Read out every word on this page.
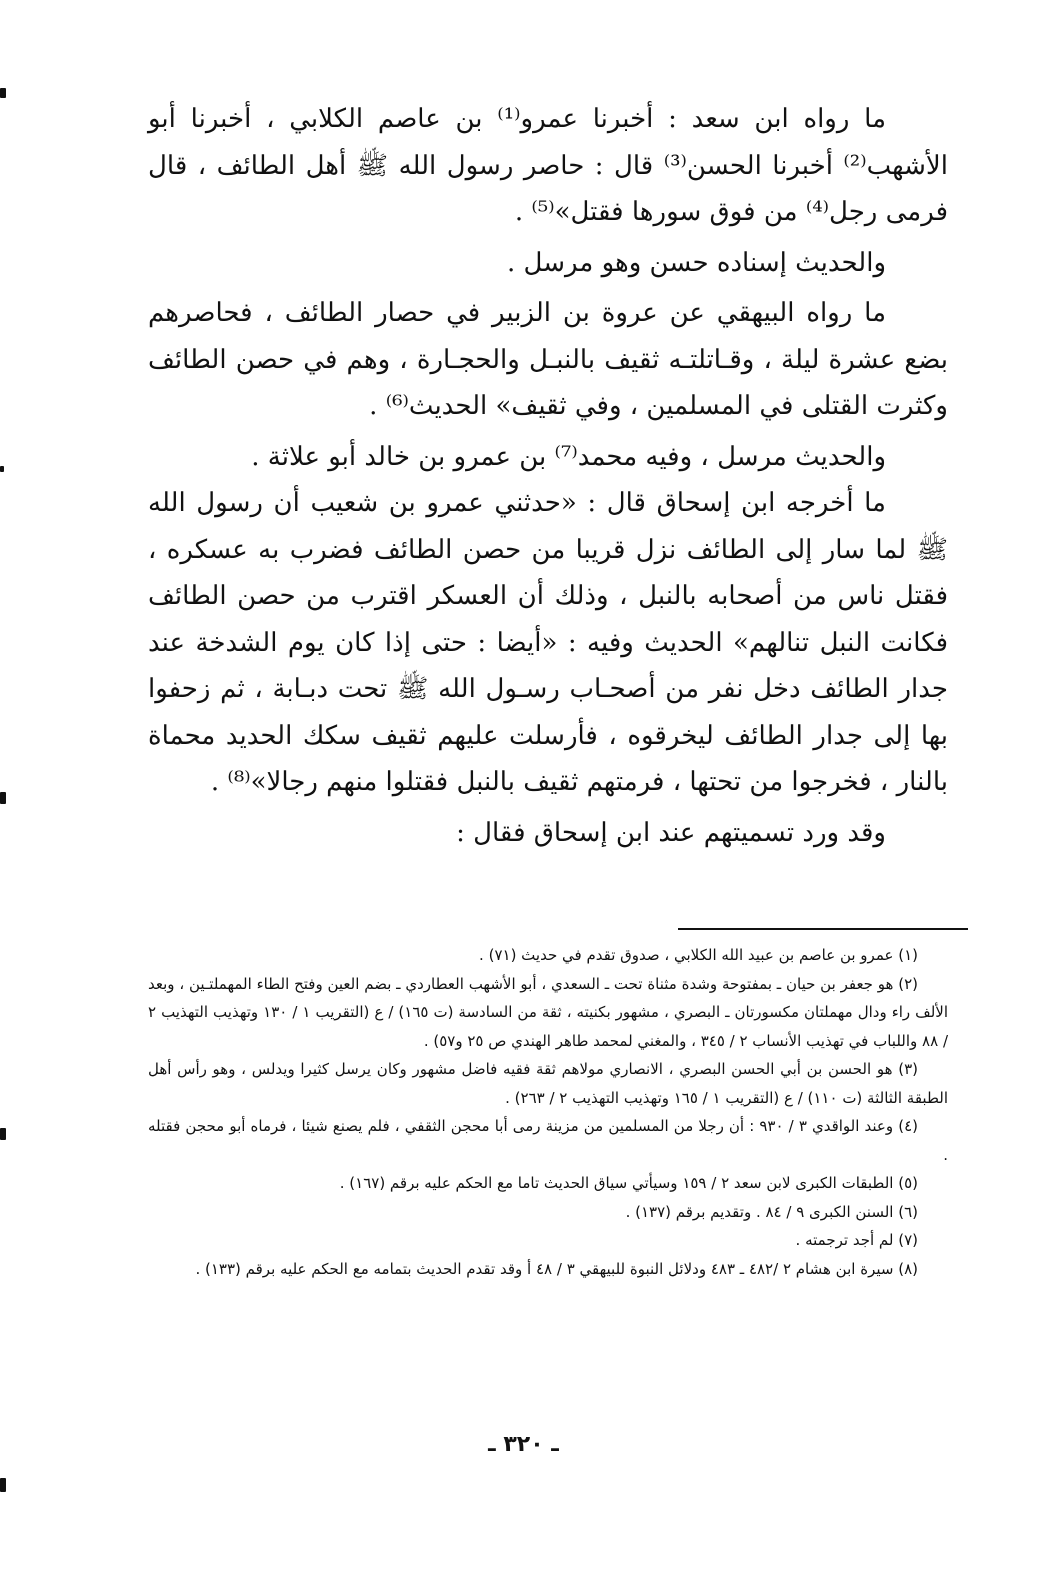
ما رواه ابن سعد : أخبرنا عمرو⁽¹⁾ بن عاصم الكلابي ، أخبرنا أبو الأشهب⁽²⁾ أخبرنا الحسن⁽³⁾ قال : حاصر رسول الله ﷺ أهل الطائف ، قال فرمى رجل⁽⁴⁾ من فوق سورها فقتل»⁽⁵⁾ .

والحديث إسناده حسن وهو مرسل .

ما رواه البيهقي عن عروة بن الزبير في حصار الطائف ، فحاصرهم بضع عشرة ليلة ، وقـاتلتـه ثقيف بالنبـل والحجـارة ، وهم في حصن الطائف وكثرت القتلى في المسلمين ، وفي ثقيف» الحديث⁽⁶⁾ .

والحديث مرسل ، وفيه محمد⁽⁷⁾ بن عمرو بن خالد أبو علاثة .

ما أخرجه ابن إسحاق قال : «حدثني عمرو بن شعيب أن رسول الله ﷺ لما سار إلى الطائف نزل قريبا من حصن الطائف فضرب به عسكره ، فقتل ناس من أصحابه بالنبل ، وذلك أن العسكر اقترب من حصن الطائف فكانت النبل تنالهم» الحديث وفيه : «أيضا : حتى إذا كان يوم الشدخة عند جدار الطائف دخل نفر من أصحـاب رسـول الله ﷺ تحت دبـابة ، ثم زحفوا بها إلى جدار الطائف ليخرقوه ، فأرسلت عليهم ثقيف سكك الحديد محماة بالنار ، فخرجوا من تحتها ، فرمتهم ثقيف بالنبل فقتلوا منهم رجالا»⁽⁸⁾ .

وقد ورد تسميتهم عند ابن إسحاق فقال :

(١) عمرو بن عاصم بن عبيد الله الكلابي ، صدوق تقدم في حديث (٧١) .

(٢) هو جعفر بن حيان ـ بمفتوحة وشدة مثناة تحت ـ السعدي ، أبو الأشهب العطاردي ـ بضم العين وفتح الطاء المهملتـين ، وبعد الألف راء ودال مهملتان مكسورتان ـ البصري ، مشهور بكنيته ، ثقة من السادسة (ت ١٦٥) / ع (التقريب ١ / ١٣٠ وتهذيب التهذيب ٢ / ٨٨ واللباب في تهذيب الأنساب ٢ / ٣٤٥ ، والمغني لمحمد طاهر الهندي ص ٢٥ و٥٧) .

(٣) هو الحسن بن أبي الحسن البصري ، الانصاري مولاهم ثقة فقيه فاضل مشهور وكان يرسل كثيرا ويدلس ، وهو رأس أهل الطبقة الثالثة (ت ١١٠) / ع (التقريب ١ / ١٦٥ وتهذيب التهذيب ٢ / ٢٦٣) .

(٤) وعند الواقدي ٣ / ٩٣٠ : أن رجلا من المسلمين من مزينة رمى أبا محجن الثقفي ، فلم يصنع شيئا ، فرماه أبو محجن فقتله .

(٥) الطبقات الكبرى لابن سعد ٢ / ١٥٩ وسيأتي سياق الحديث تاما مع الحكم عليه برقم (١٦٧) .

(٦) السنن الكبرى ٩ / ٨٤ . وتقديم برقم (١٣٧) .

(٧) لم أجد ترجمته .

(٨) سيرة ابن هشام ٢ /٤٨٢ ـ ٤٨٣ ودلائل النبوة للبيهقي ٣ / ٤٨ أ وقد تقدم الحديث بتمامه مع الحكم عليه برقم (١٣٣) .

ـ ٣٢٠ ـ
